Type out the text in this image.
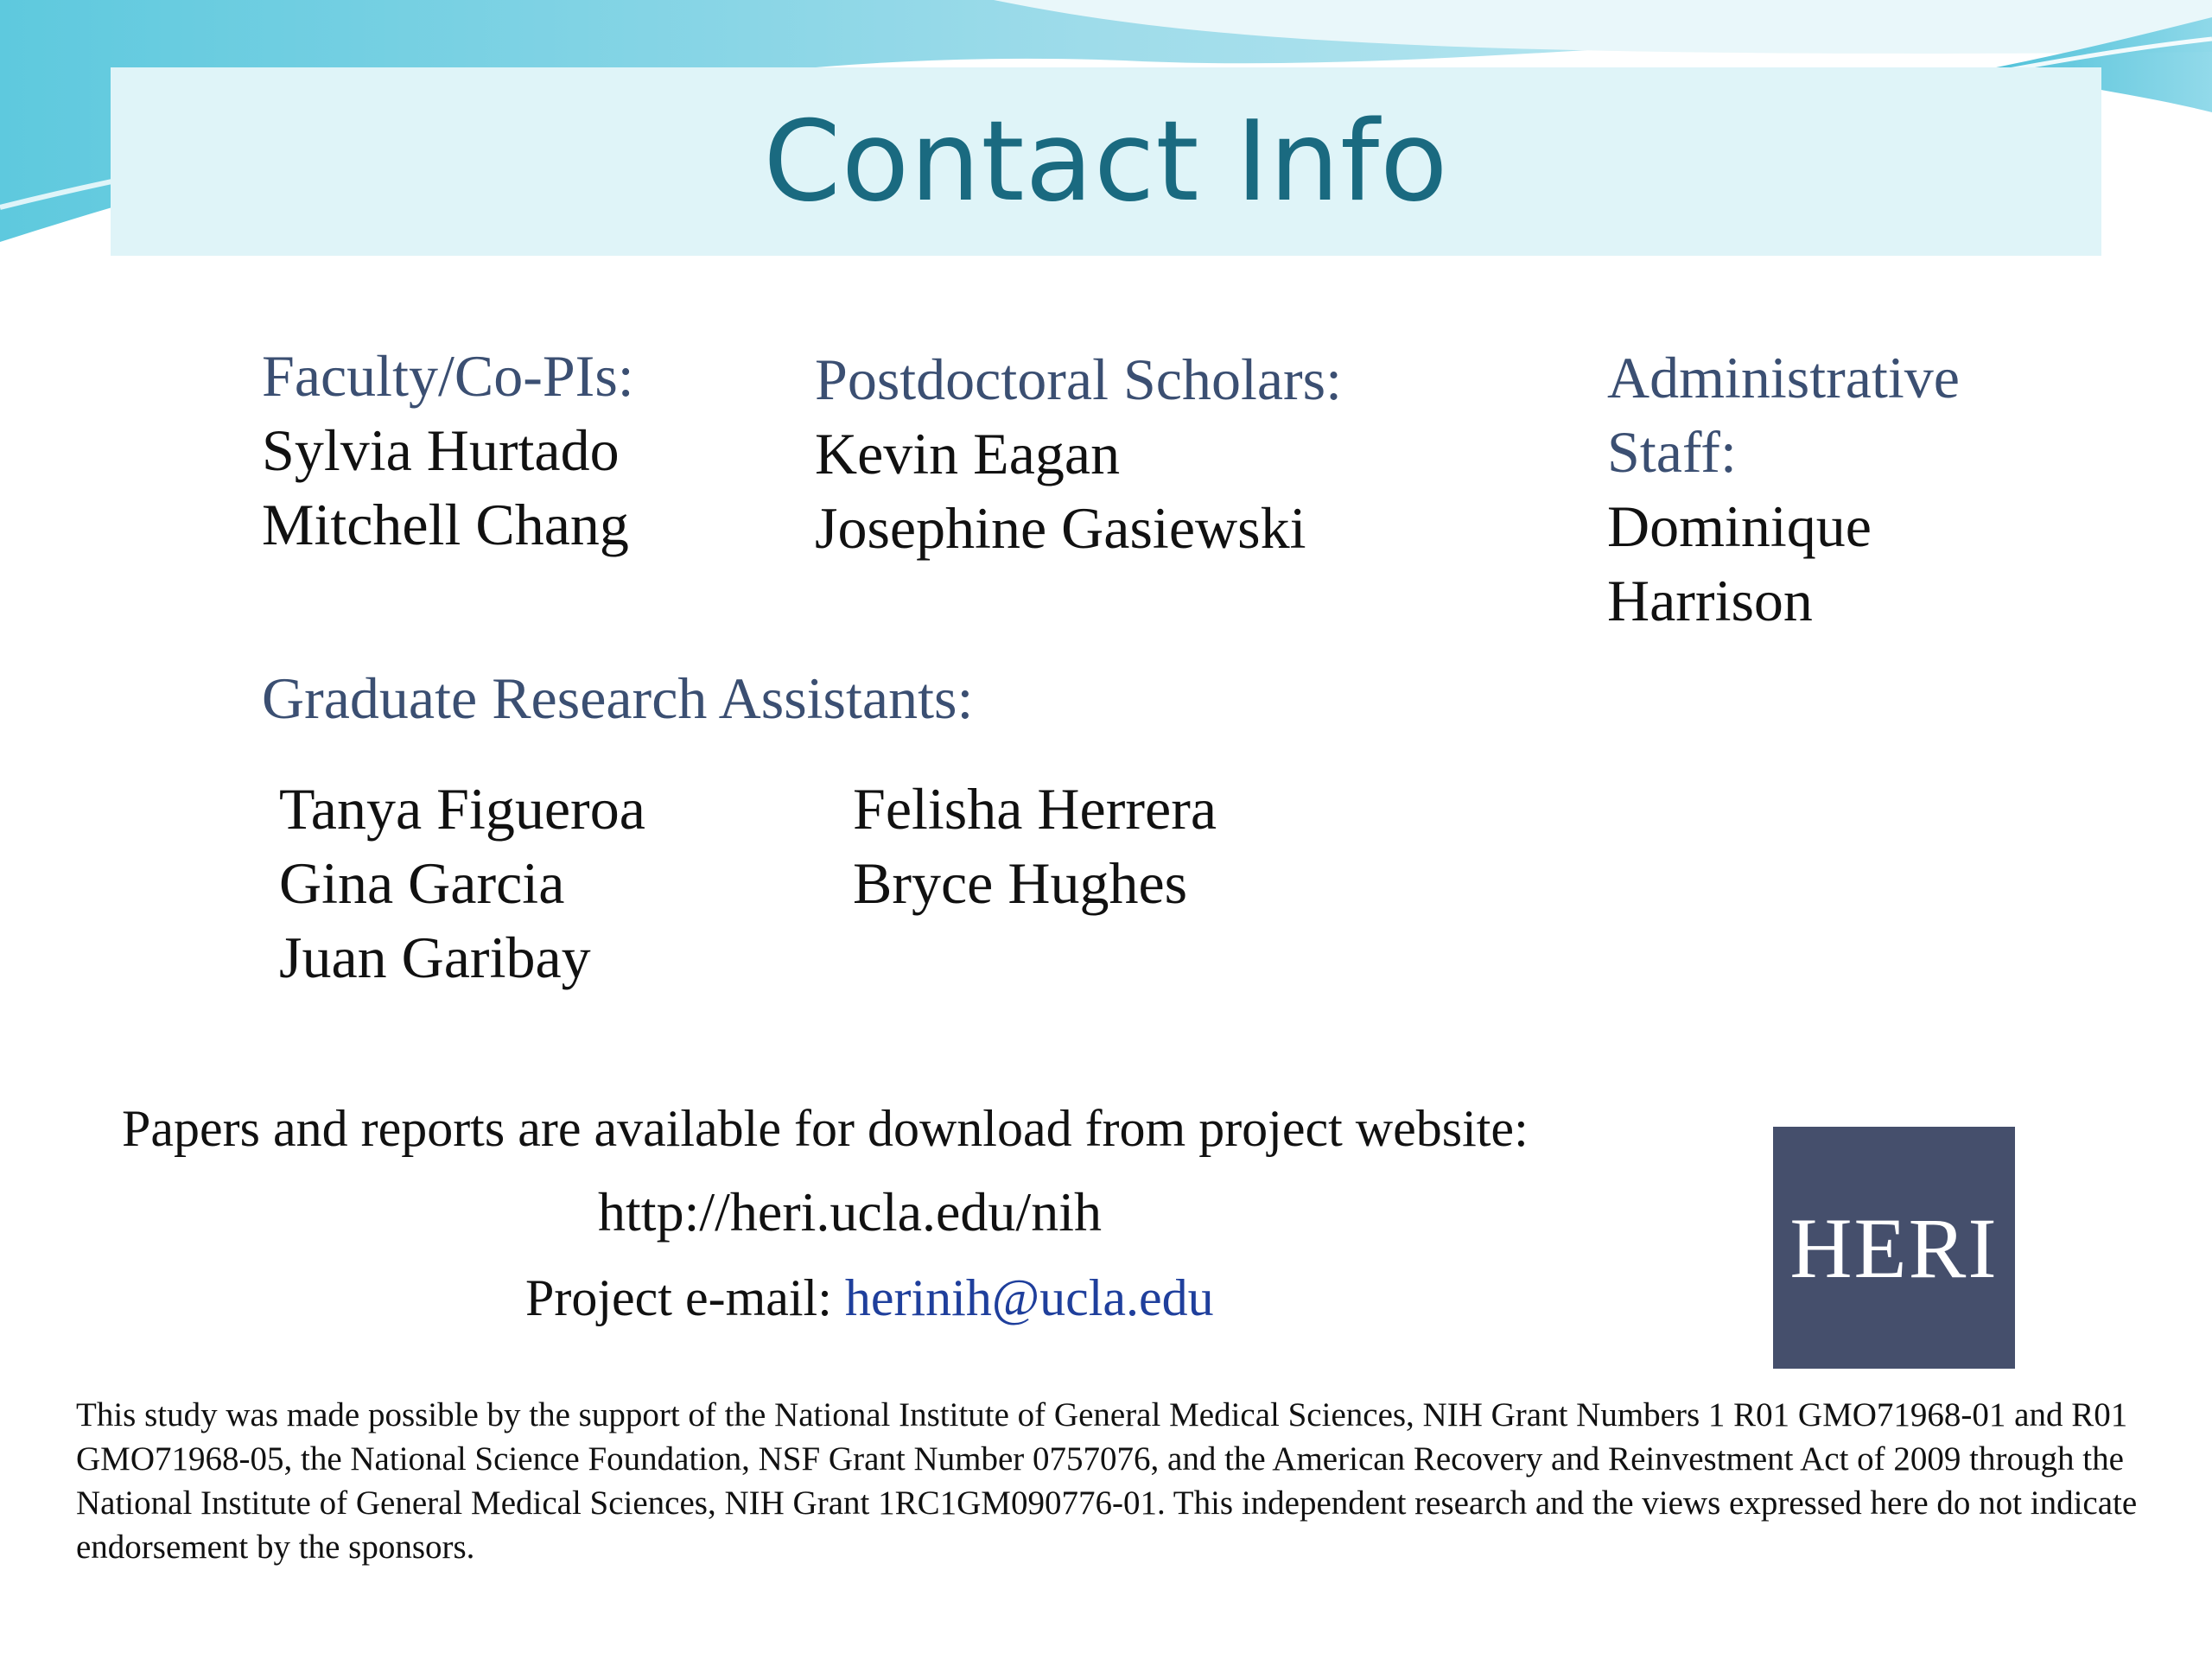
Contact Info
Faculty/Co-PIs:
Sylvia Hurtado
Mitchell Chang
Postdoctoral Scholars:
Kevin Eagan
Josephine Gasiewski
Administrative
Staff:
Dominique
Harrison
Graduate Research Assistants:
Tanya Figueroa
Gina Garcia
Juan Garibay
Felisha Herrera
Bryce Hughes
Papers and reports are available for download from project website:
http://heri.ucla.edu/nih
Project e-mail: herinih@ucla.edu
HERI
This study was made possible by the support of the National Institute of General Medical Sciences, NIH Grant Numbers 1 R01 GMO71968-01 and R01 GMO71968-05, the National Science Foundation, NSF Grant Number 0757076, and the American Recovery and Reinvestment Act of 2009 through the National Institute of General Medical Sciences, NIH Grant 1RC1GM090776-01. This independent research and the views expressed here do not indicate endorsement by the sponsors.
